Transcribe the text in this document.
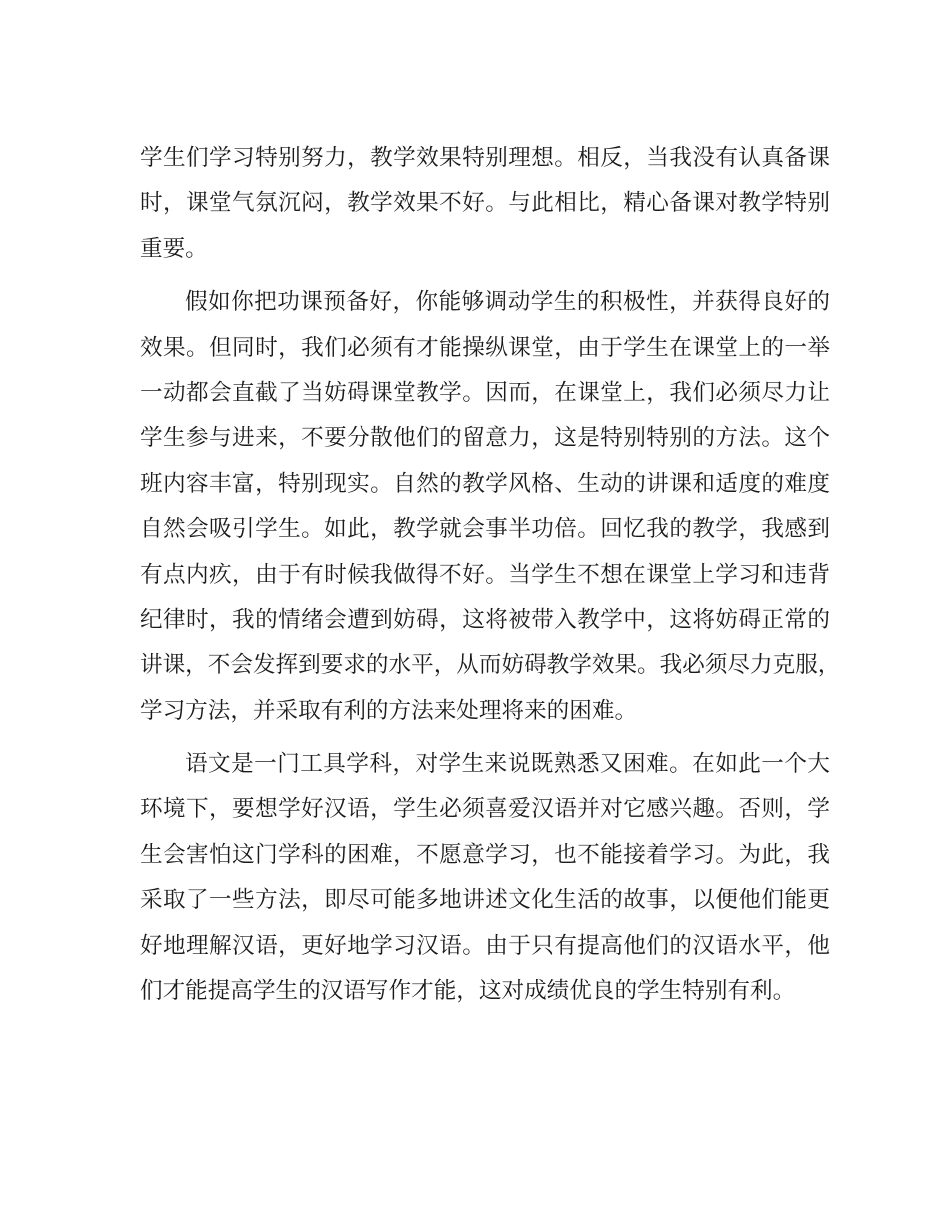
学生们学习特别努力，教学效果特别理想。相反，当我没有认真备课
时，课堂气氛沉闷，教学效果不好。与此相比，精心备课对教学特别
重要。
假如你把功课预备好，你能够调动学生的积极性，并获得良好的
效果。但同时，我们必须有才能操纵课堂，由于学生在课堂上的一举
一动都会直截了当妨碍课堂教学。因而，在课堂上，我们必须尽力让
学生参与进来，不要分散他们的留意力，这是特别特别的方法。这个
班内容丰富，特别现实。自然的教学风格、生动的讲课和适度的难度
自然会吸引学生。如此，教学就会事半功倍。回忆我的教学，我感到
有点内疚，由于有时候我做得不好。当学生不想在课堂上学习和违背
纪律时，我的情绪会遭到妨碍，这将被带入教学中，这将妨碍正常的
讲课，不会发挥到要求的水平，从而妨碍教学效果。我必须尽力克服，
学习方法，并采取有利的方法来处理将来的困难。
语文是一门工具学科，对学生来说既熟悉又困难。在如此一个大
环境下，要想学好汉语，学生必须喜爱汉语并对它感兴趣。否则，学
生会害怕这门学科的困难，不愿意学习，也不能接着学习。为此，我
采取了一些方法，即尽可能多地讲述文化生活的故事，以便他们能更
好地理解汉语，更好地学习汉语。由于只有提高他们的汉语水平，他
们才能提高学生的汉语写作才能，这对成绩优良的学生特别有利。
